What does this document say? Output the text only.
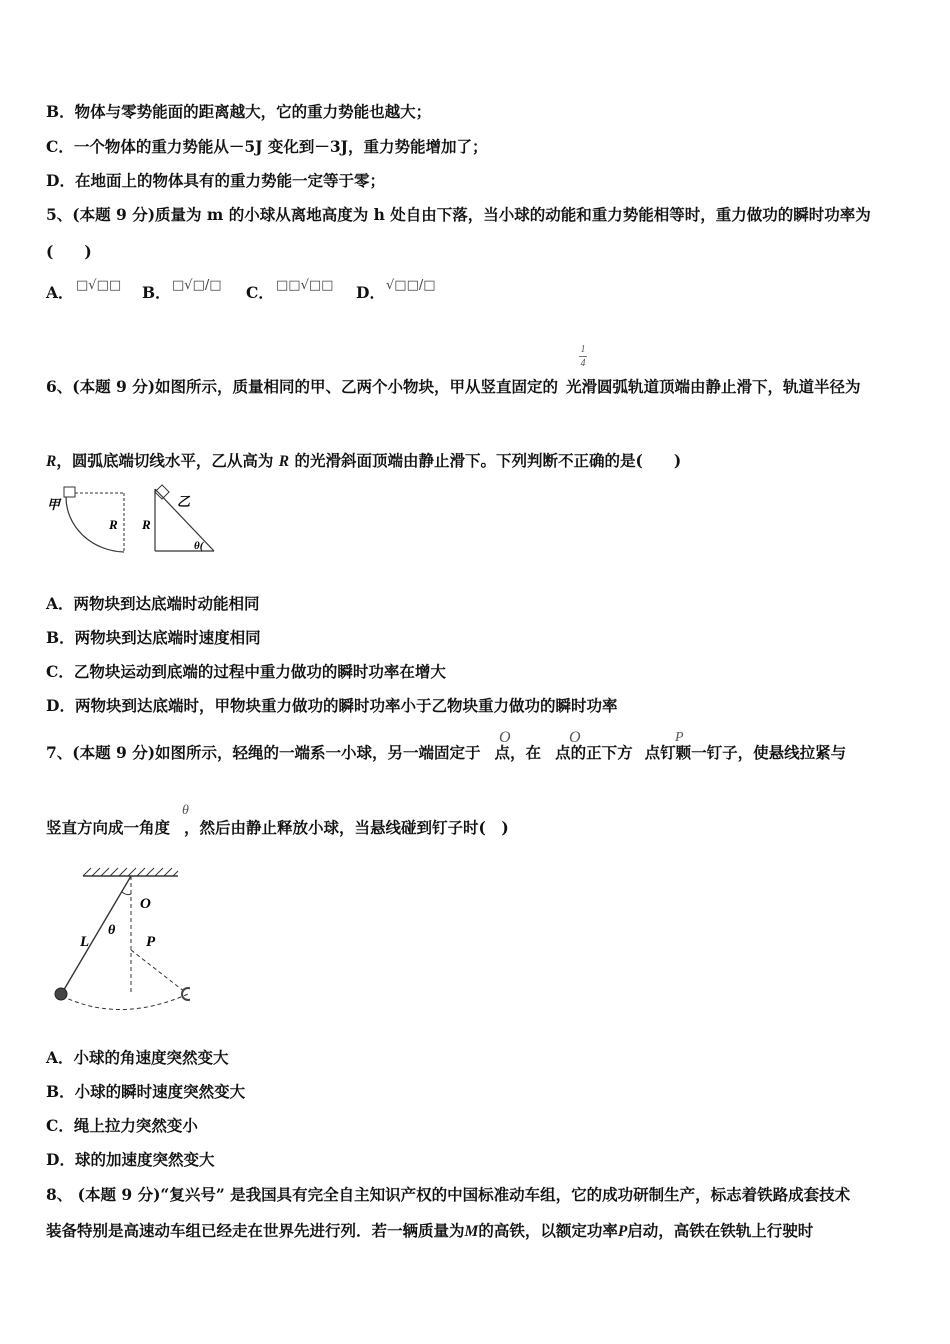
B．物体与零势能面的距离越大，它的重力势能也越大；
C．一个物体的重力势能从－5J 变化到－3J，重力势能增加了；
D．在地面上的物体具有的重力势能一定等于零；
5、(本题 9 分)质量为 m 的小球从离地高度为 h 处自由下落，当小球的动能和重力势能相等时，重力做功的瞬时功率为
(　　)
A． □√□□ B． □√□/□ C． □□√□□ D． √□□/□
1
4
6、(本题 9 分)如图所示，质量相同的甲、乙两个小物块，甲从竖直固定的 光滑圆弧轨道顶端由静止滑下，轨道半径为
R，圆弧底端切线水平，乙从高为 R 的光滑斜面顶端由静止滑下。下列判断不正确的是(　　)
甲
R
乙
R
θ(
A．两物块到达底端时动能相同
B．两物块到达底端时速度相同
C．乙物块运动到底端的过程中重力做功的瞬时功率在增大
D．两物块到达底端时，甲物块重力做功的瞬时功率小于乙物块重力做功的瞬时功率
O	O	P
7、(本题 9 分)如图所示，轻绳的一端系一小球，另一端固定于 点，在 点的正下方 点钉颗一钉子，使悬线拉紧与
θ
竖直方向成一角度 ，然后由静止释放小球，当悬线碰到钉子时(　)
O
L
θ
P
A．小球的角速度突然变大
B．小球的瞬时速度突然变大
C．绳上拉力突然变小
D．球的加速度突然变大
8、 (本题 9 分)“复兴号” 是我国具有完全自主知识产权的中国标准动车组，它的成功研制生产，标志着铁路成套技术
装备特别是高速动车组已经走在世界先进行列．若一辆质量为M的高铁，以额定功率P启动，高铁在铁轨上行驶时
